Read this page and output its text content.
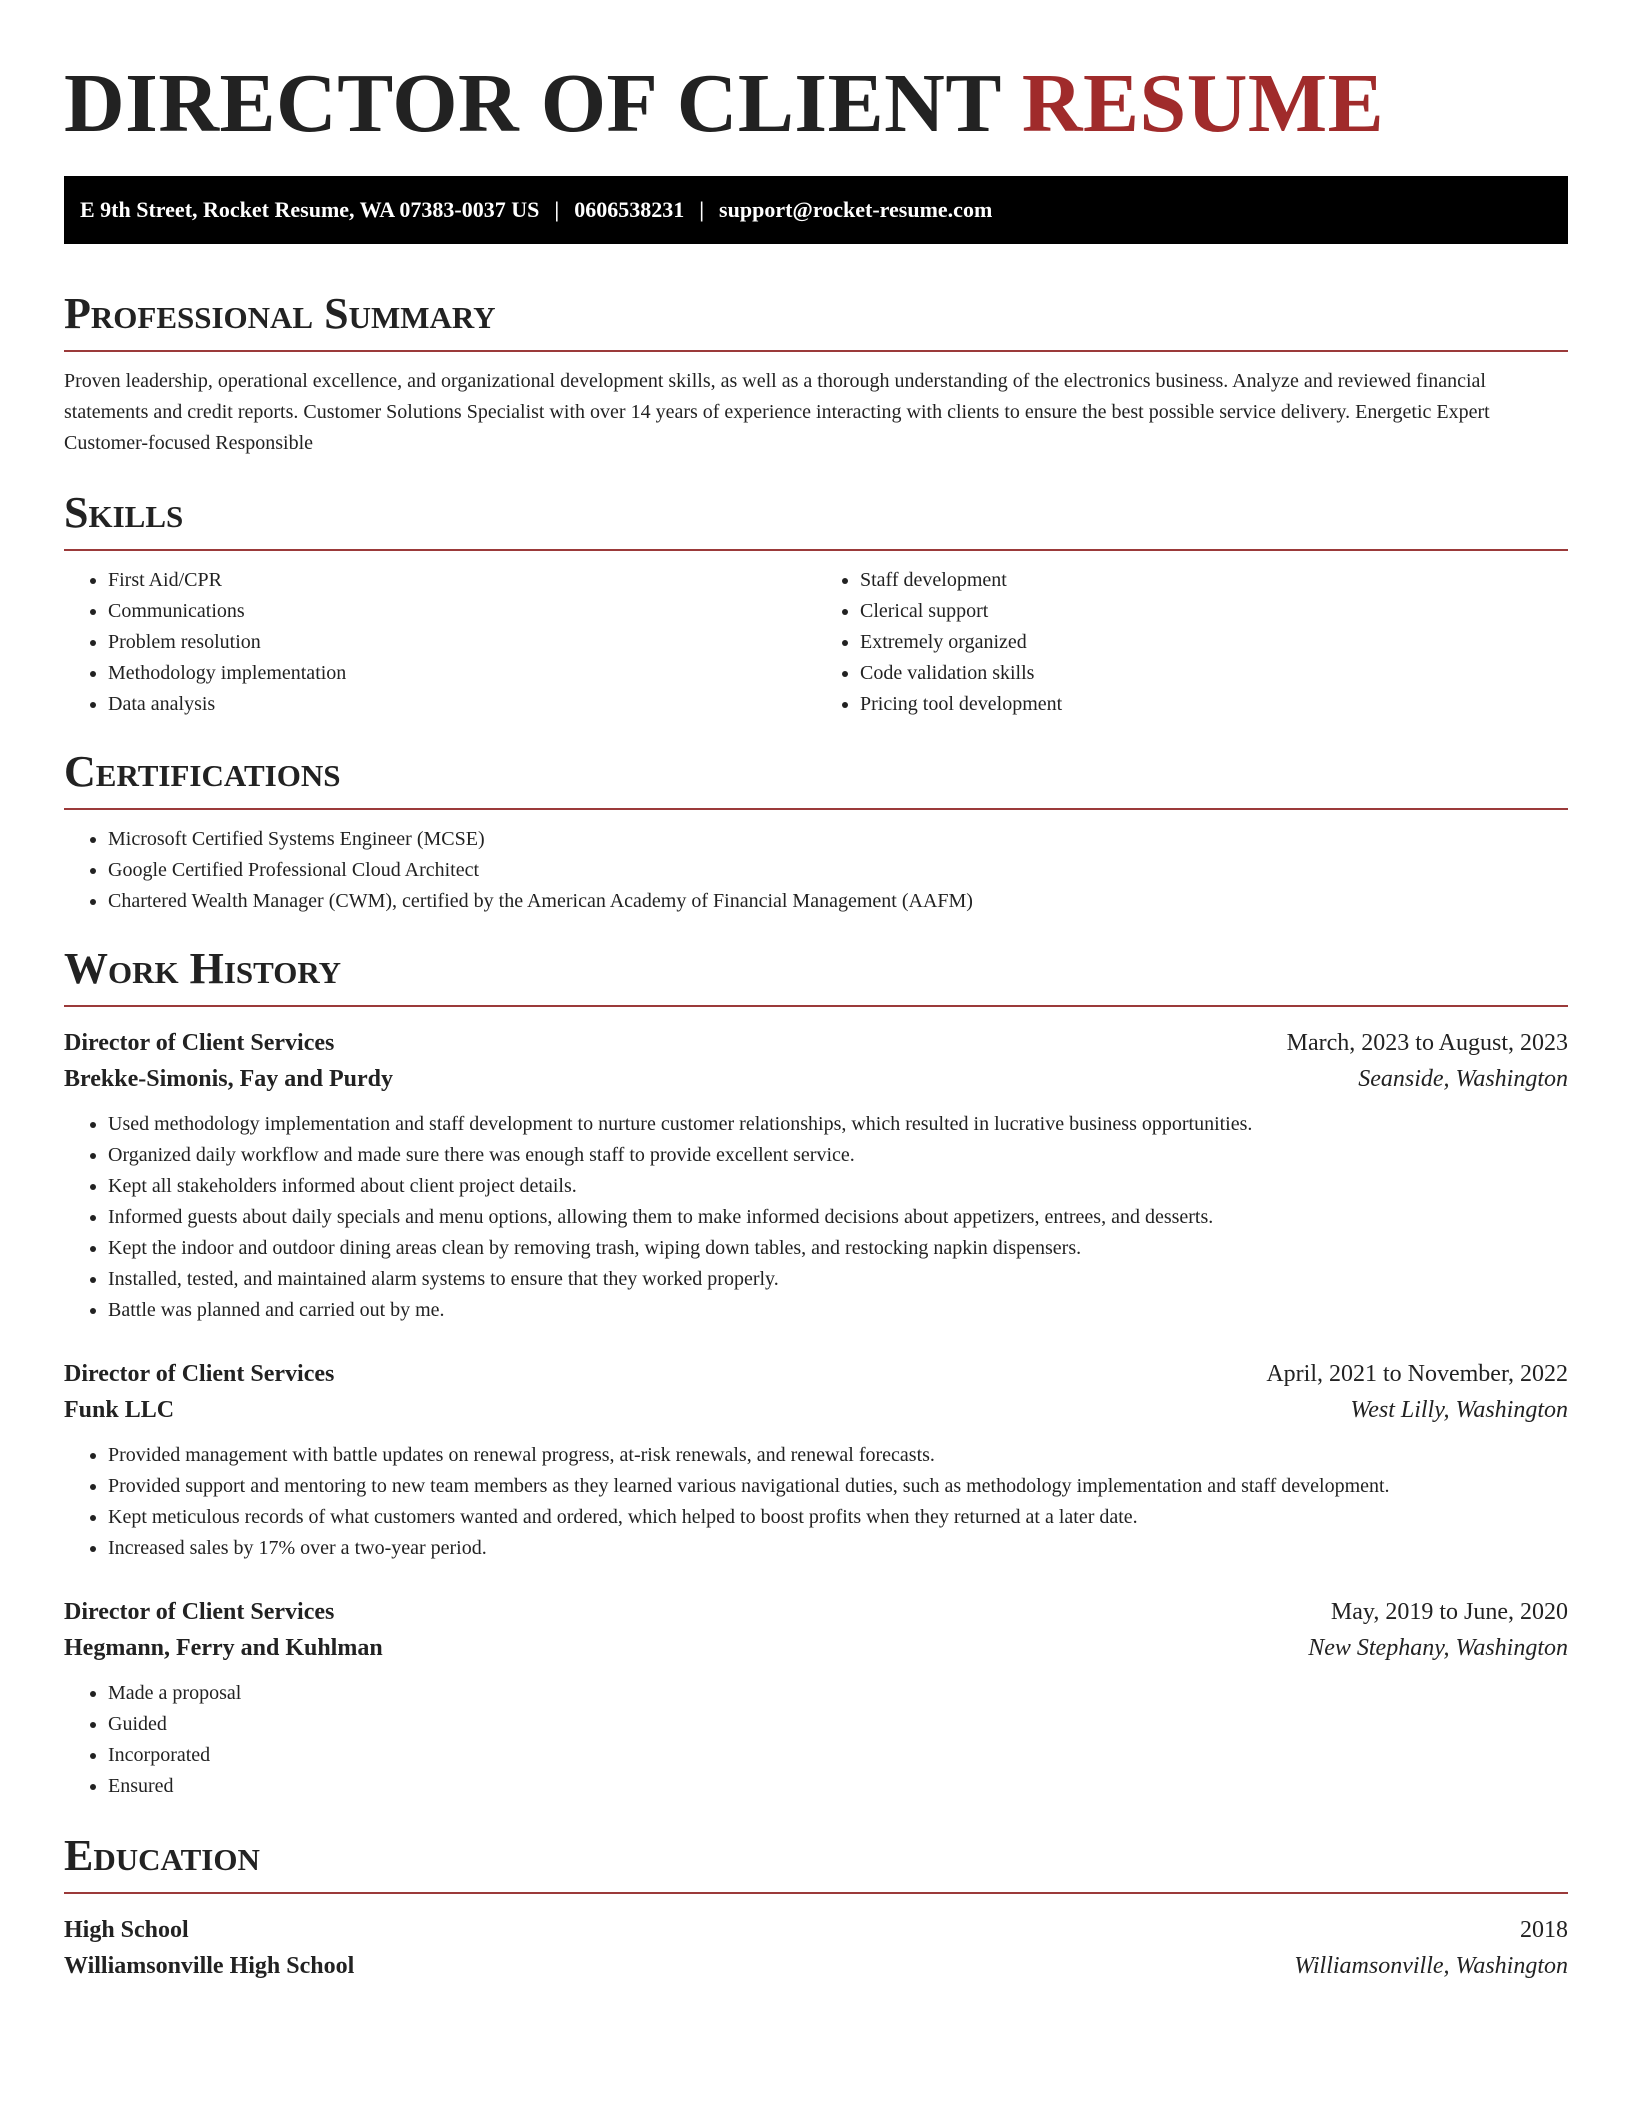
DIRECTOR OF CLIENT RESUME
E 9th Street, Rocket Resume, WA 07383-0037 US | 0606538231 | support@rocket-resume.com
Professional Summary

Proven leadership, operational excellence, and organizational development skills, as well as a thorough understanding of the electronics business. Analyze and reviewed financial statements and credit reports. Customer Solutions Specialist with over 14 years of experience interacting with clients to ensure the best possible service delivery. Energetic Expert Customer-focused Responsible

Skills
• First Aid/CPR
• Communications
• Problem resolution
• Methodology implementation
• Data analysis
• Staff development
• Clerical support
• Extremely organized
• Code validation skills
• Pricing tool development
Certifications
• Microsoft Certified Systems Engineer (MCSE)
• Google Certified Professional Cloud Architect
• Chartered Wealth Manager (CWM), certified by the American Academy of Financial Management (AAFM)
Work History
Director of Client Services	March, 2023 to August, 2023
Brekke-Simonis, Fay and Purdy	Seanside, Washington
• Used methodology implementation and staff development to nurture customer relationships, which resulted in lucrative business opportunities.
• Organized daily workflow and made sure there was enough staff to provide excellent service.
• Kept all stakeholders informed about client project details.
• Informed guests about daily specials and menu options, allowing them to make informed decisions about appetizers, entrees, and desserts.
• Kept the indoor and outdoor dining areas clean by removing trash, wiping down tables, and restocking napkin dispensers.
• Installed, tested, and maintained alarm systems to ensure that they worked properly.
• Battle was planned and carried out by me.
Director of Client Services	April, 2021 to November, 2022
Funk LLC	West Lilly, Washington
• Provided management with battle updates on renewal progress, at-risk renewals, and renewal forecasts.
• Provided support and mentoring to new team members as they learned various navigational duties, such as methodology implementation and staff development.
• Kept meticulous records of what customers wanted and ordered, which helped to boost profits when they returned at a later date.
• Increased sales by 17% over a two-year period.
Director of Client Services	May, 2019 to June, 2020
Hegmann, Ferry and Kuhlman	New Stephany, Washington
• Made a proposal
• Guided
• Incorporated
• Ensured
Education
High School	2018
Williamsonville High School	Williamsonville, Washington
